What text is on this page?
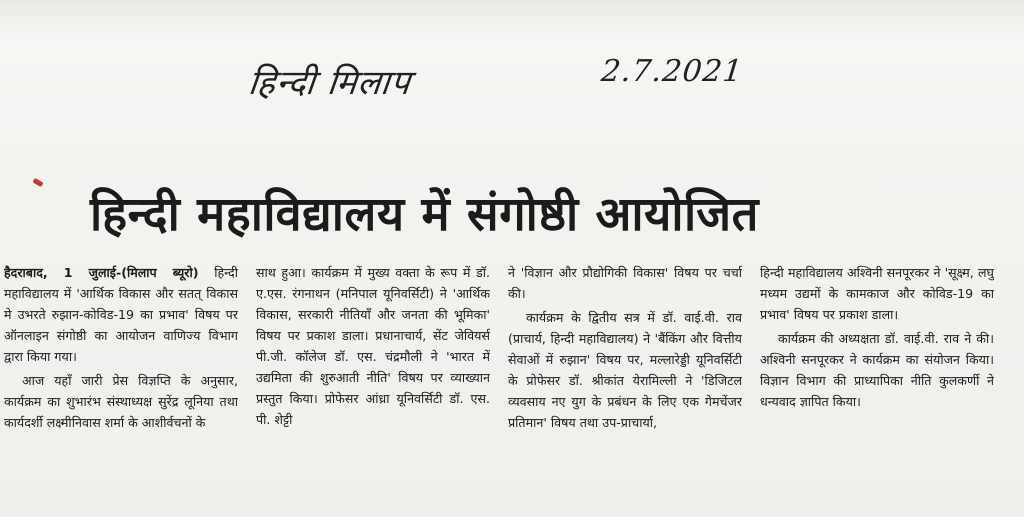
हिन्दी मिलाप	2.7.2021
हिन्दी महाविद्यालय में संगोष्ठी आयोजित

हैदराबाद, 1 जुलाई-(मिलाप ब्यूरो) हिन्दी महाविद्यालय में 'आर्थिक विकास और सतत् विकास मे उभरते रुझान-कोविड-19 का प्रभाव' विषय पर ऑनलाइन संगोष्ठी का आयोजन वाणिज्य विभाग द्वारा किया गया।

आज यहाँ जारी प्रेस विज्ञप्ति के अनुसार, कार्यक्रम का शुभारंभ संस्थाध्यक्ष सुरेंद्र लूनिया तथा कार्यदर्शी लक्ष्मीनिवास शर्मा के आशीर्वचनों के

साथ हुआ। कार्यक्रम में मुख्य वक्ता के रूप में डॉ. ए.एस. रंगनाथन (मनिपाल यूनिवर्सिटी) ने 'आर्थिक विकास, सरकारी नीतियाँ और जनता की भूमिका' विषय पर प्रकाश डाला। प्रधानाचार्य, सेंट जेवियर्स पी.जी. कॉलेज डॉ. एस. चंद्रमौली ने 'भारत में उद्यमिता की शुरुआती नीति' विषय पर व्याख्यान प्रस्तुत किया। प्रोफेसर आंध्रा यूनिवर्सिटी डॉ. एस. पी. शेट्टी

ने 'विज्ञान और प्रौद्योगिकी विकास' विषय पर चर्चा की।

कार्यक्रम के द्वितीय सत्र में डॉ. वाई.वी. राव (प्राचार्य, हिन्दी महाविद्यालय) ने 'बैंकिंग और वित्तीय सेवाओं में रुझान' विषय पर, मल्लारेड्डी यूनिवर्सिटी के प्रोफेसर डॉ. श्रीकांत येरामिल्ली ने 'डिजिटल व्यवसाय नए युग के प्रबंधन के लिए एक गेमचेंजर प्रतिमान' विषय तथा उप-प्राचार्या,

हिन्दी महाविद्यालय अश्विनी सनपूरकर ने 'सूक्ष्म, लघु मध्यम उद्यमों के कामकाज और कोविड-19 का प्रभाव' विषय पर प्रकाश डाला।

कार्यक्रम की अध्यक्षता डॉ. वाई.वी. राव ने की। अश्विनी सनपूरकर ने कार्यक्रम का संयोजन किया। विज्ञान विभाग की प्राध्यापिका नीति कुलकर्णी ने धन्यवाद ज्ञापित किया।
